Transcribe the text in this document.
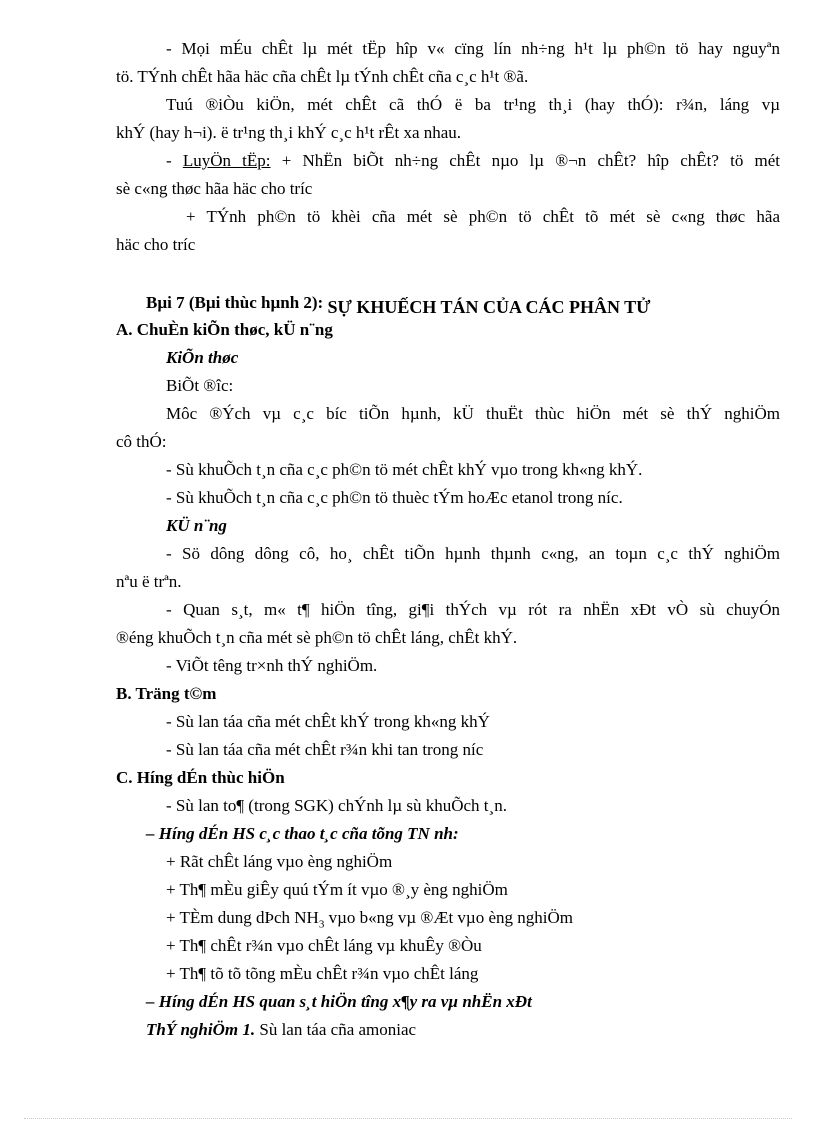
- Mọi mÉu chÊt lµ mét tËp hîp v« cïng lín nh÷ng h¹t lµ ph©n tö hay nguyªn
tö. TÝnh chÊt hãa häc cña chÊt lµ tÝnh chÊt cña c¸c h¹t ®ã.
Tuú ®iÒu kiÖn, mét chÊt cã thÓ ë ba tr¹ng th¸i (hay thÓ): r¾n, láng vµ
khÝ (hay h¬i). ë tr¹ng th¸i khÝ c¸c h¹t rÊt xa nhau.
- LuyÖn tËp: + NhËn biÕt nh÷ng chÊt nµo lµ ®¬n chÊt? hîp chÊt? tö mét
sè c«ng thøc hãa häc cho tríc
+ TÝnh ph©n tö khèi cña mét sè ph©n tö chÊt tõ mét sè c«ng thøc hãa
häc cho tríc
Bµi 7 (Bµi thùc hµnh 2): SỰ KHUẾCH TÁN CỦA CÁC PHÂN TỬ
A. ChuÈn kiÕn thøc, kÜ n¨ng
KiÕn thøc
BiÕt ®îc:
Môc ®Ých vµ c¸c bíc tiÕn hµnh, kÜ thuËt thùc hiÖn mét sè thÝ nghiÖm
cô thÓ:
- Sù khuÕch t¸n cña c¸c ph©n tö mét chÊt khÝ vµo trong kh«ng khÝ.
- Sù khuÕch t¸n cña c¸c ph©n tö thuèc tÝm hoÆc etanol trong níc.
KÜ n¨ng
- Sö dông dông cô, ho¸ chÊt tiÕn hµnh thµnh c«ng, an toµn c¸c thÝ nghiÖm
nªu ë trªn.
- Quan s¸t, m« t¶ hiÖn tîng, gi¶i thÝch vµ rót ra nhËn xÐt vÒ sù chuyÓn
®éng khuÕch t¸n cña mét sè ph©n tö chÊt láng, chÊt khÝ.
- ViÕt têng tr×nh thÝ nghiÖm.
B. Träng t©m
- Sù lan táa cña mét chÊt khÝ trong kh«ng khÝ
- Sù lan táa cña mét chÊt r¾n khi tan trong níc
C. Híng dÉn thùc hiÖn
- Sù lan to¶ (trong SGK) chÝnh lµ sù khuÕch t¸n.
– Híng dÉn HS c¸c thao t¸c cña tõng TN nh:
+ Rãt chÊt láng vµo èng nghiÖm
+ Th¶ mÈu giÊy quú tÝm ít vµo ®¸y èng nghiÖm
+ TÈm dung dÞch $NH_3$ vµo b«ng vµ ®Æt vµo èng nghiÖm
+ Th¶ chÊt r¾n vµo chÊt láng vµ khuÊy ®Òu
+ Th¶ tõ tõ tõng mÈu chÊt r¾n vµo chÊt láng
– Híng dÉn HS quan s¸t hiÖn tîng x¶y ra vµ nhËn xÐt
ThÝ nghiÖm 1. Sù lan táa cña amoniac
